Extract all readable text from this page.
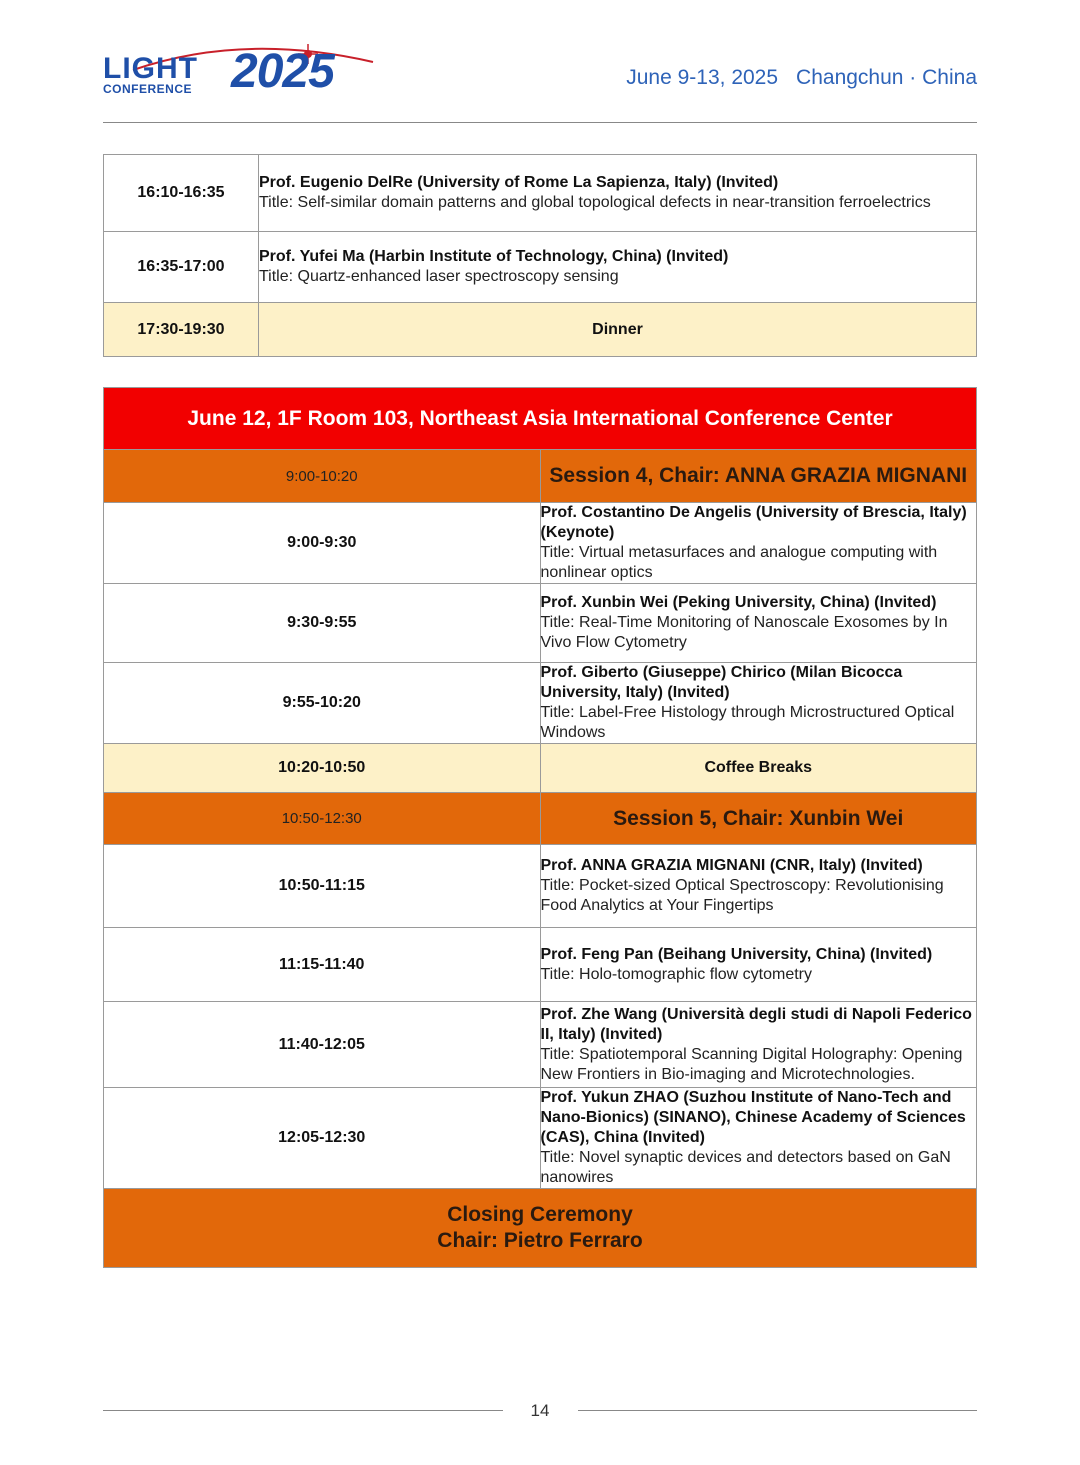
LIGHT
CONFERENCE 2025	June 9-13, 2025 Changchun · China
16:10-16:35	Prof. Eugenio DelRe (University of Rome La Sapienza, Italy) (Invited)
Title: Self-similar domain patterns and global topological defects in near-transition ferroelectrics

16:35-17:00	Prof. Yufei Ma (Harbin Institute of Technology, China) (Invited)
Title: Quartz-enhanced laser spectroscopy sensing

17:30-19:30	Dinner
June 12, 1F Room 103, Northeast Asia International Conference Center	
9:00-10:20	Session 4, Chair: ANNA GRAZIA MIGNANI
9:00-9:30	Prof. Costantino De Angelis (University of Brescia, Italy) (Keynote)
Title: Virtual metasurfaces and analogue computing with nonlinear optics

9:30-9:55	Prof. Xunbin Wei (Peking University, China) (Invited)
Title: Real-Time Monitoring of Nanoscale Exosomes by In Vivo Flow Cytometry

9:55-10:20	Prof. Giberto (Giuseppe) Chirico (Milan Bicocca University, Italy) (Invited)
Title: Label-Free Histology through Microstructured Optical Windows

10:20-10:50	Coffee Breaks
10:50-12:30	Session 5, Chair: Xunbin Wei
10:50-11:15	Prof. ANNA GRAZIA MIGNANI (CNR, Italy) (Invited)
Title: Pocket-sized Optical Spectroscopy: Revolutionising Food Analytics at Your Fingertips

11:15-11:40	Prof. Feng Pan (Beihang University, China) (Invited)
Title: Holo-tomographic flow cytometry

11:40-12:05	Prof. Zhe Wang (Università degli studi di Napoli Federico II, Italy) (Invited)
Title: Spatiotemporal Scanning Digital Holography: Opening New Frontiers in Bio-imaging and Microtechnologies.

12:05-12:30	Prof. Yukun ZHAO (Suzhou Institute of Nano-Tech and Nano-Bionics) (SINANO), Chinese Academy of Sciences (CAS), China (Invited)
Title: Novel synaptic devices and detectors based on GaN nanowires

Closing Ceremony
Chair: Pietro Ferraro	
14
